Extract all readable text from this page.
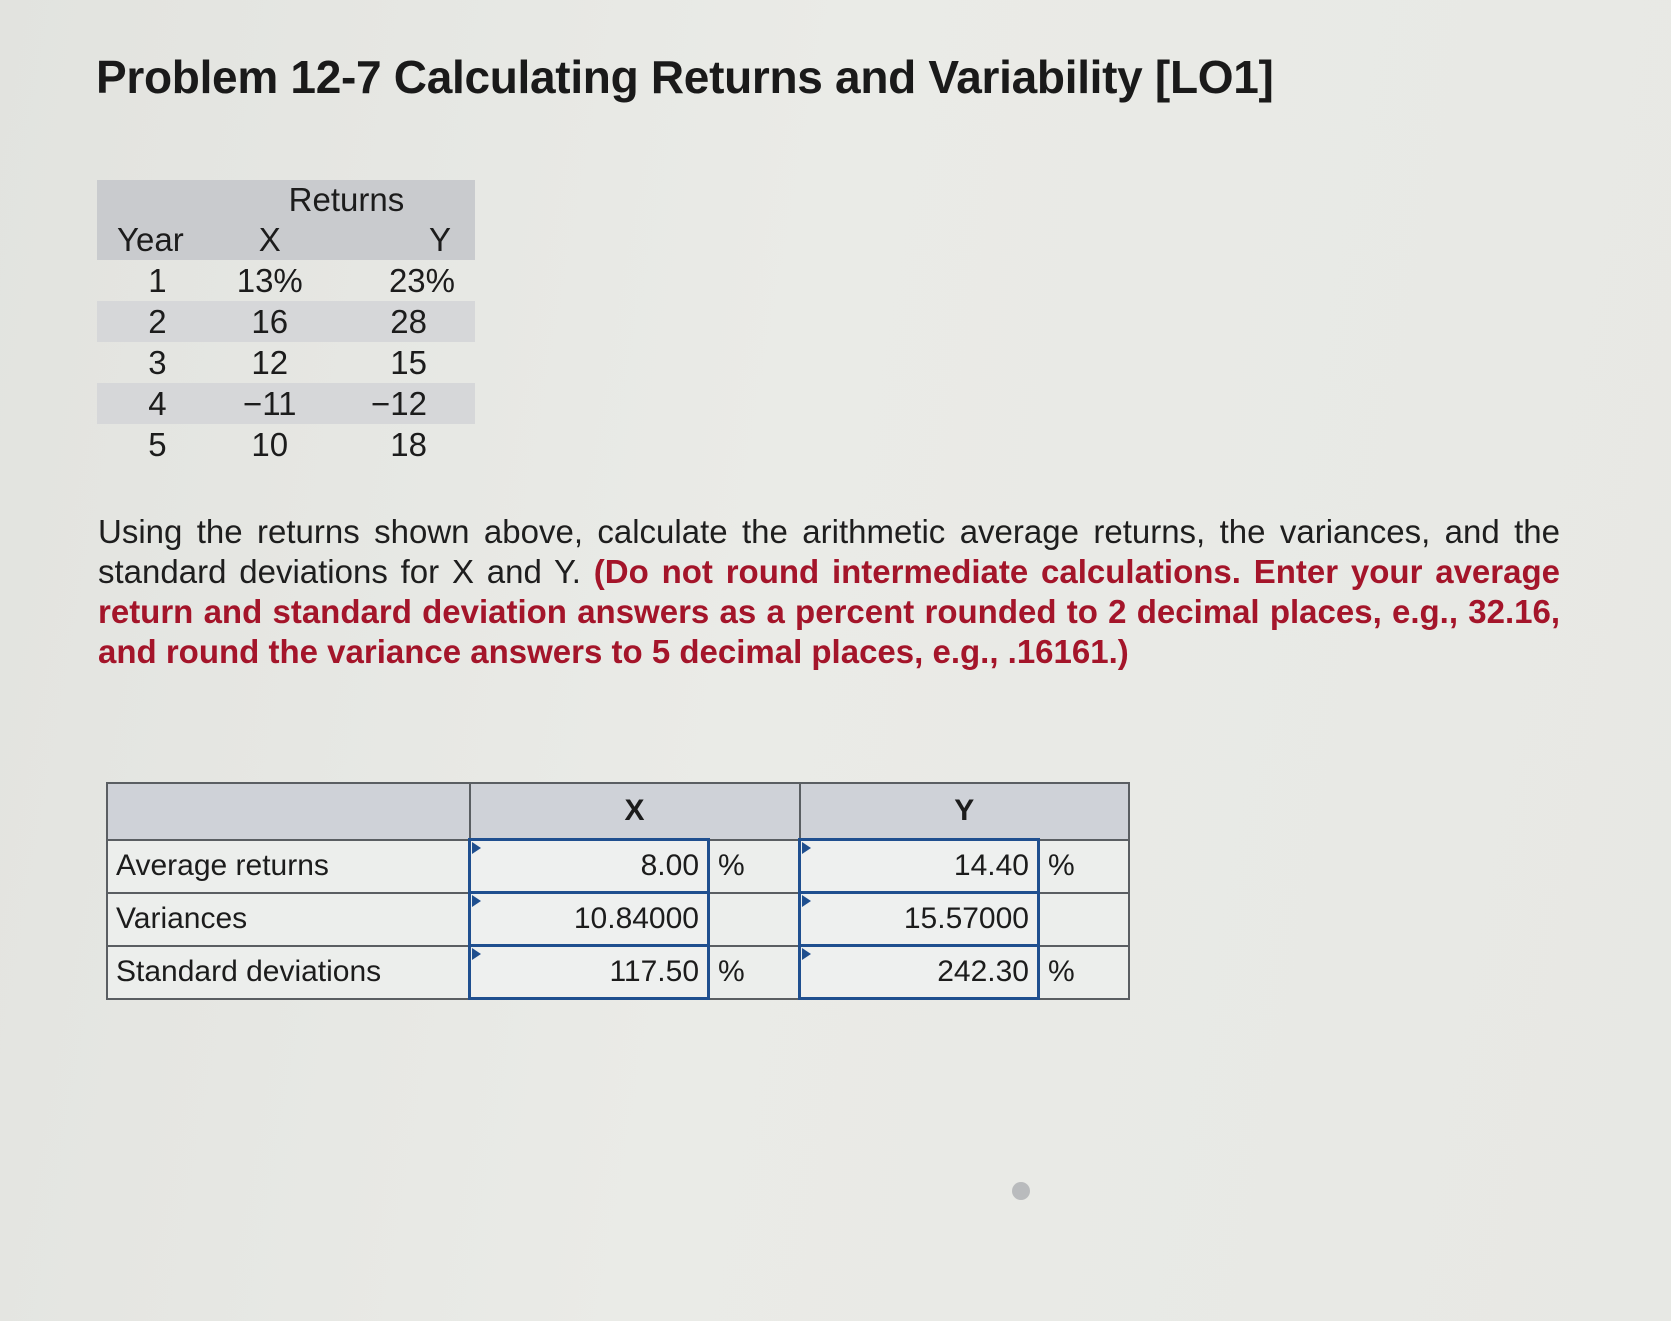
Problem 12-7 Calculating Returns and Variability [LO1]
	Returns	
Year	X	Y
1	13%	23%
2	16	28
3	12	15
4	−11	−12
5	10	18
Using the returns shown above, calculate the arithmetic average returns, the variances, and the standard deviations for X and Y. (Do not round intermediate calculations. Enter your average return and standard deviation answers as a percent rounded to 2 decimal places, e.g., 32.16, and round the variance answers to 5 decimal places, e.g., .16161.)
	X		Y	
Average returns	8.00	%	14.40	%
Variances	10.84000		15.57000	
Standard deviations	117.50	%	242.30	%
